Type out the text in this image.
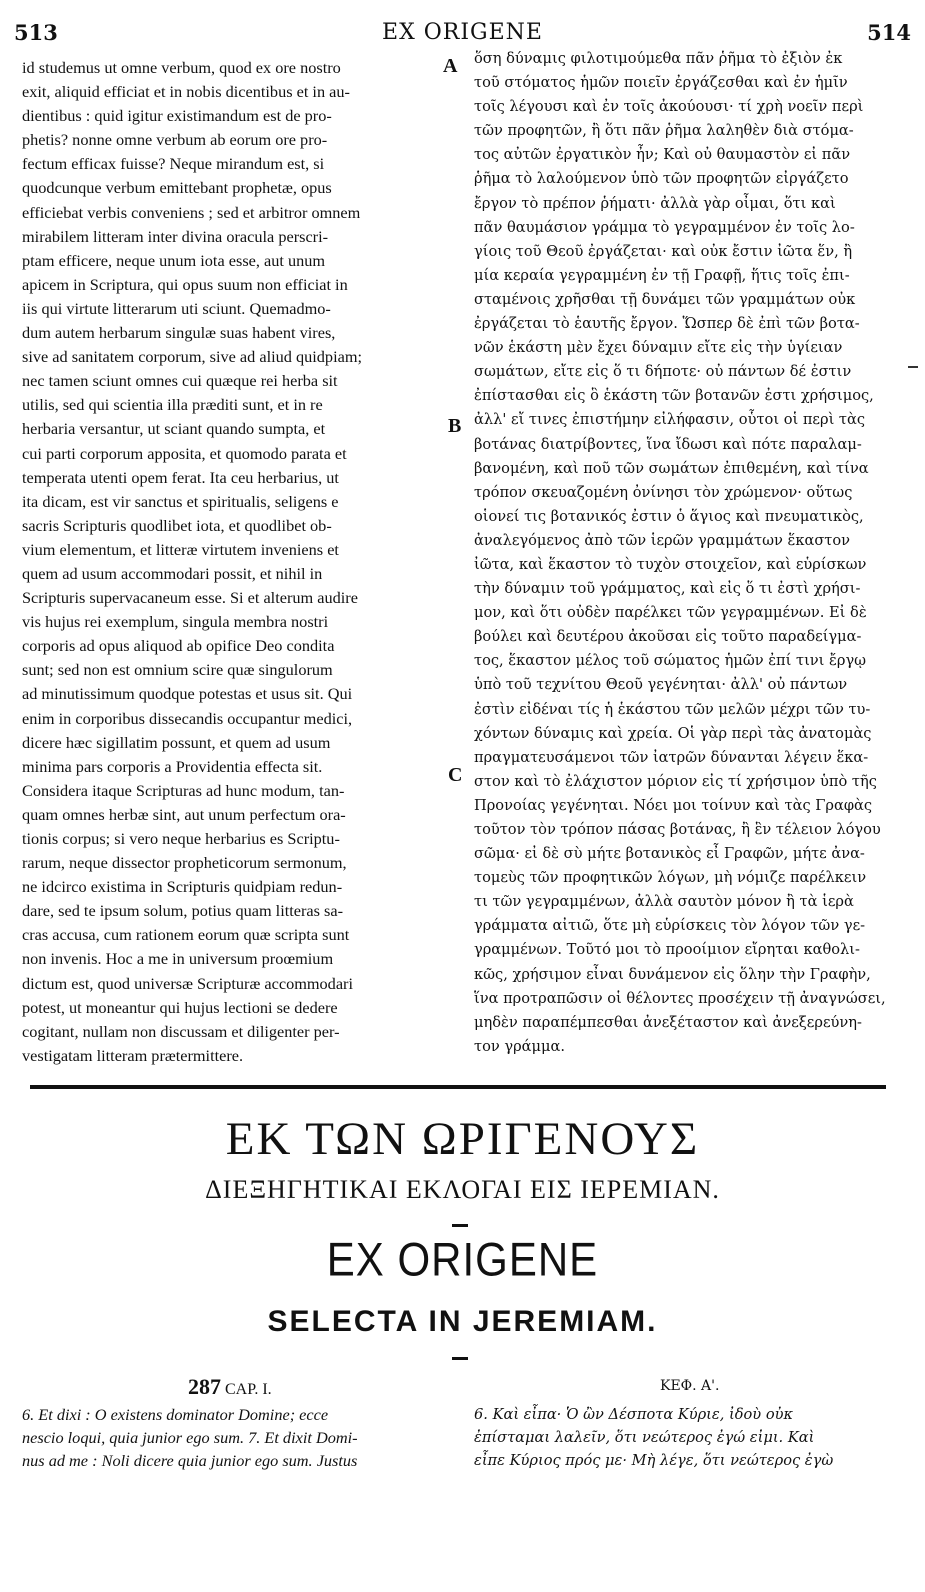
513	EX ORIGENE	514
id studemus ut omne verbum, quod ex ore nostro
exit, aliquid efficiat et in nobis dicentibus et in au-
dientibus : quid igitur existimandum est de pro-
phetis? nonne omne verbum ab eorum ore pro-
fectum efficax fuisse? Neque mirandum est, si
quodcunque verbum emittebant prophetæ, opus
efficiebat verbis conveniens ; sed et arbitror omnem
mirabilem litteram inter divina oracula perscri-
ptam efficere, neque unum iota esse, aut unum
apicem in Scriptura, qui opus suum non efficiat in
iis qui virtute litterarum uti sciunt. Quemadmo-
dum autem herbarum singulæ suas habent vires,
sive ad sanitatem corporum, sive ad aliud quidpiam;
nec tamen sciunt omnes cui quæque rei herba sit
utilis, sed qui scientia illa præditi sunt, et in re
herbaria versantur, ut sciant quando sumpta, et
cui parti corporum apposita, et quomodo parata et
temperata utenti opem ferat. Ita ceu herbarius, ut
ita dicam, est vir sanctus et spiritualis, seligens e
sacris Scripturis quodlibet iota, et quodlibet ob-
vium elementum, et litteræ virtutem inveniens et
quem ad usum accommodari possit, et nihil in
Scripturis supervacaneum esse. Si et alterum audire
vis hujus rei exemplum, singula membra nostri
corporis ad opus aliquod ab opifice Deo condita
sunt; sed non est omnium scire quæ singulorum
ad minutissimum quodque potestas et usus sit. Qui
enim in corporibus dissecandis occupantur medici,
dicere hæc sigillatim possunt, et quem ad usum
minima pars corporis a Providentia effecta sit.
Considera itaque Scripturas ad hunc modum, tan-
quam omnes herbæ sint, aut unum perfectum ora-
tionis corpus; si vero neque herbarius es Scriptu-
rarum, neque dissector propheticorum sermonum,
ne idcirco existima in Scripturis quidpiam redun-
dare, sed te ipsum solum, potius quam litteras sa-
cras accusa, cum rationem eorum quæ scripta sunt
non invenis. Hoc a me in universum proœmium
dictum est, quod universæ Scripturæ accommodari
potest, ut moneantur qui hujus lectioni se dedere
cogitant, nullam non discussam et diligenter per-
vestigatam litteram prætermittere.
ὅση δύναμις φιλοτιμούμεθα πᾶν ῥῆμα τὸ ἐξιὸν ἐκ
τοῦ στόματος ἡμῶν ποιεῖν ἐργάζεσθαι καὶ ἐν ἡμῖν
τοῖς λέγουσι καὶ ἐν τοῖς ἀκούουσι· τί χρὴ νοεῖν περὶ
τῶν προφητῶν, ἢ ὅτι πᾶν ῥῆμα λαληθὲν διὰ στόμα-
τος αὐτῶν ἐργατικὸν ἦν; Καὶ οὐ θαυμαστὸν εἰ πᾶν
ῥῆμα τὸ λαλούμενον ὑπὸ τῶν προφητῶν εἰργάζετο
ἔργον τὸ πρέπον ῥήματι· ἀλλὰ γὰρ οἶμαι, ὅτι καὶ
πᾶν θαυμάσιον γράμμα τὸ γεγραμμένον ἐν τοῖς λο-
γίοις τοῦ Θεοῦ ἐργάζεται· καὶ οὐκ ἔστιν ἰῶτα ἕν, ἢ
μία κεραία γεγραμμένη ἐν τῇ Γραφῇ, ἥτις τοῖς ἐπι-
σταμένοις χρῆσθαι τῇ δυνάμει τῶν γραμμάτων οὐκ
ἐργάζεται τὸ ἑαυτῆς ἔργον. Ὥσπερ δὲ ἐπὶ τῶν βοτα-
νῶν ἑκάστη μὲν ἔχει δύναμιν εἴτε εἰς τὴν ὑγίειαν
σωμάτων, εἴτε εἰς ὅ τι δήποτε· οὐ πάντων δέ ἐστιν
ἐπίστασθαι εἰς ὃ ἑκάστη τῶν βοτανῶν ἐστι χρήσιμος,
ἀλλ' εἴ τινες ἐπιστήμην εἰλήφασιν, οὗτοι οἱ περὶ τὰς
βοτάνας διατρίβοντες, ἵνα ἴδωσι καὶ πότε παραλαμ-
βανομένη, καὶ ποῦ τῶν σωμάτων ἐπιθεμένη, καὶ τίνα
τρόπον σκευαζομένη ὀνίνησι τὸν χρώμενον· οὕτως
οἱονεί τις βοτανικός ἐστιν ὁ ἅγιος καὶ πνευματικὸς,
ἀναλεγόμενος ἀπὸ τῶν ἱερῶν γραμμάτων ἕκαστον
ἰῶτα, καὶ ἕκαστον τὸ τυχὸν στοιχεῖον, καὶ εὑρίσκων
τὴν δύναμιν τοῦ γράμματος, καὶ εἰς ὅ τι ἐστὶ χρήσι-
μον, καὶ ὅτι οὐδὲν παρέλκει τῶν γεγραμμένων. Εἰ δὲ
βούλει καὶ δευτέρου ἀκοῦσαι εἰς τοῦτο παραδείγμα-
τος, ἕκαστον μέλος τοῦ σώματος ἡμῶν ἐπί τινι ἔργῳ
ὑπὸ τοῦ τεχνίτου Θεοῦ γεγένηται· ἀλλ' οὐ πάντων
ἐστὶν εἰδέναι τίς ἡ ἑκάστου τῶν μελῶν μέχρι τῶν τυ-
χόντων δύναμις καὶ χρεία. Οἱ γὰρ περὶ τὰς ἀνατομὰς
πραγματευσάμενοι τῶν ἰατρῶν δύνανται λέγειν ἕκα-
στον καὶ τὸ ἐλάχιστον μόριον εἰς τί χρήσιμον ὑπὸ τῆς
Προνοίας γεγένηται. Νόει μοι τοίνυν καὶ τὰς Γραφὰς
τοῦτον τὸν τρόπον πάσας βοτάνας, ἢ ἓν τέλειον λόγου
σῶμα· εἰ δὲ σὺ μήτε βοτανικὸς εἶ Γραφῶν, μήτε ἀνα-
τομεὺς τῶν προφητικῶν λόγων, μὴ νόμιζε παρέλκειν
τι τῶν γεγραμμένων, ἀλλὰ σαυτὸν μόνον ἢ τὰ ἱερὰ
γράμματα αἰτιῶ, ὅτε μὴ εὑρίσκεις τὸν λόγον τῶν γε-
γραμμένων. Τοῦτό μοι τὸ προοίμιον εἴρηται καθολι-
κῶς, χρήσιμον εἶναι δυνάμενον εἰς ὅλην τὴν Γραφὴν,
ἵνα προτραπῶσιν οἱ θέλοντες προσέχειν τῇ ἀναγνώσει,
μηδὲν παραπέμπεσθαι ἀνεξέταστον καὶ ἀνεξερεύνη-
τον γράμμα.
A
B
C
ΕΚ ΤΩΝ ΩΡΙΓΕΝΟΥΣ
ΔΙΕΞΗΓΗΤΙΚΑΙ ΕΚΛΟΓΑΙ ΕΙΣ ΙΕΡΕΜΙΑΝ.
EX ORIGENE
SELECTA IN JEREMIAM.
287 CAP. I.	ΚΕΦ. Α'.
6. Et dixi : O existens dominator Domine; ecce
nescio loqui, quia junior ego sum. 7. Et dixit Domi-
nus ad me : Noli dicere quia junior ego sum. Justus
6. Καὶ εἶπα· Ὁ ὢν Δέσποτα Κύριε, ἰδοὺ οὐκ
ἐπίσταμαι λαλεῖν, ὅτι νεώτερος ἐγώ εἰμι. Καὶ
εἶπε Κύριος πρός με· Μὴ λέγε, ὅτι νεώτερος ἐγὼ
